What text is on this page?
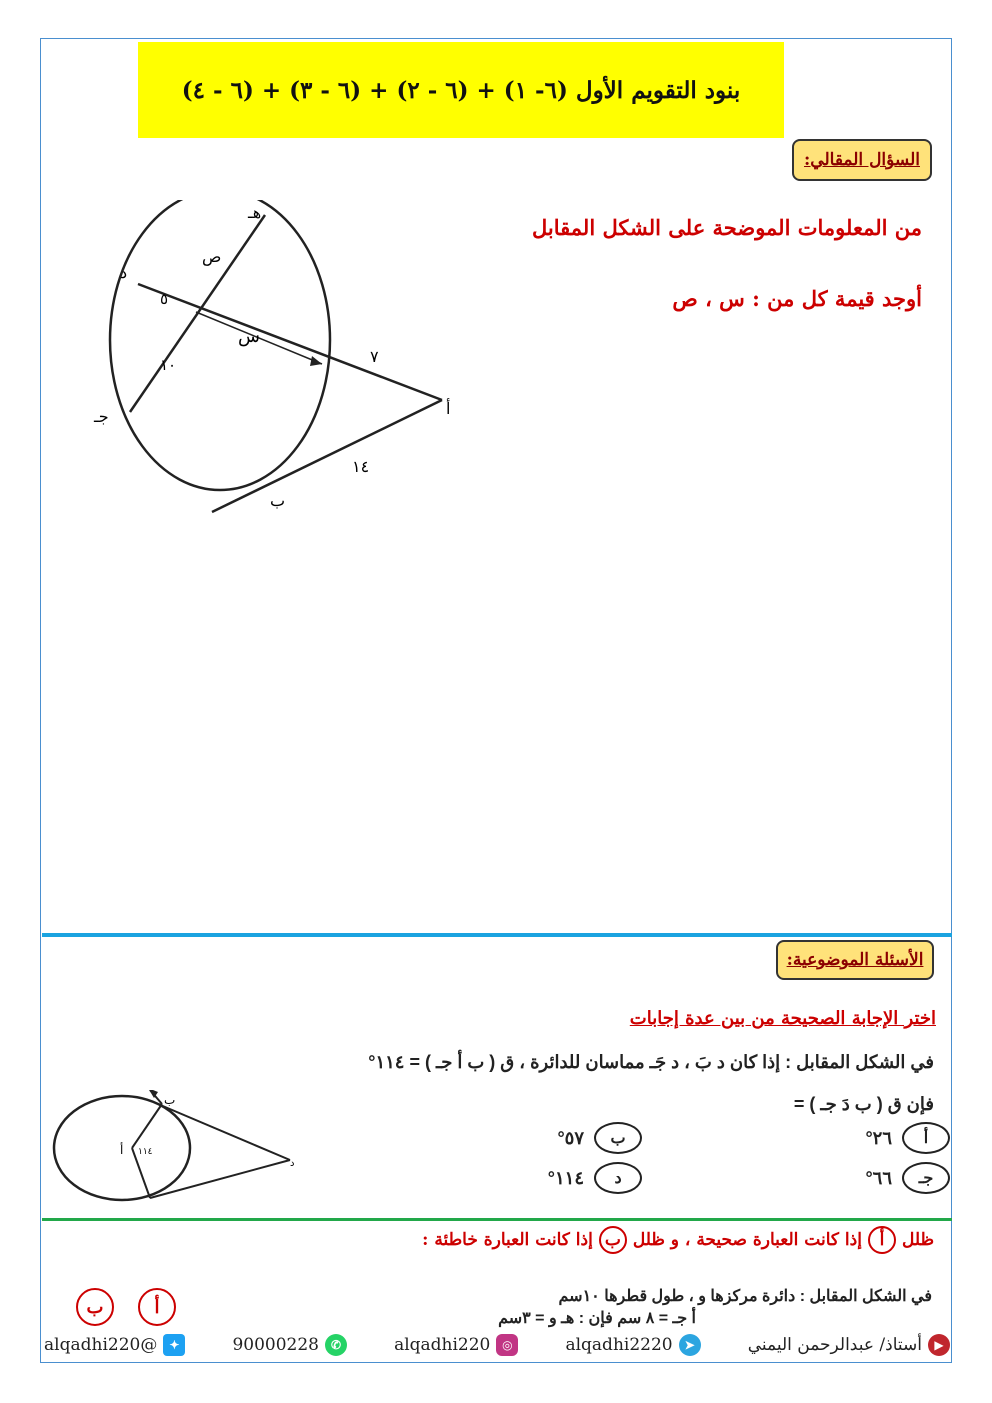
بنود التقويم الأول (٦- ١) + (٦ - ٢) + (٦ - ٣) + (٦ - ٤)
السؤال المقالي:
من المعلومات الموضحة على الشكل المقابل
أوجد قيمة كل من : س ، ص
هـ
ص
د
٥
س
١٠
جـ
٧
أ
١٤
ب
الأسئلة الموضوعية:
اختر الإجابة الصحيحة من بين عدة إجابات
في الشكل المقابل : إذا كان د بَ ، د جَـ مماسان للدائرة ، ق ( ب أ جـ ) = ١١٤°
فإن ق ( ب دَ جـ ) =
أ
٢٦°
ب
٥٧°
جـ
٦٦°
د
١١٤°
ب
أ ١١٤
د
ظلل
أ
إذا كانت العبارة صحيحة ، و ظلل
ب
إذا كانت العبارة خاطئة :
في الشكل المقابل : دائرة مركزها و ، طول قطرها ١٠سم
أ جـ = ٨ سم فإن : هـ و = ٣سم
أ
ب
▶
أستاذ/ عبدالرحمن اليمني
➤
alqadhi2220
◎
alqadhi220
✆
90000228
✦
@alqadhi220
